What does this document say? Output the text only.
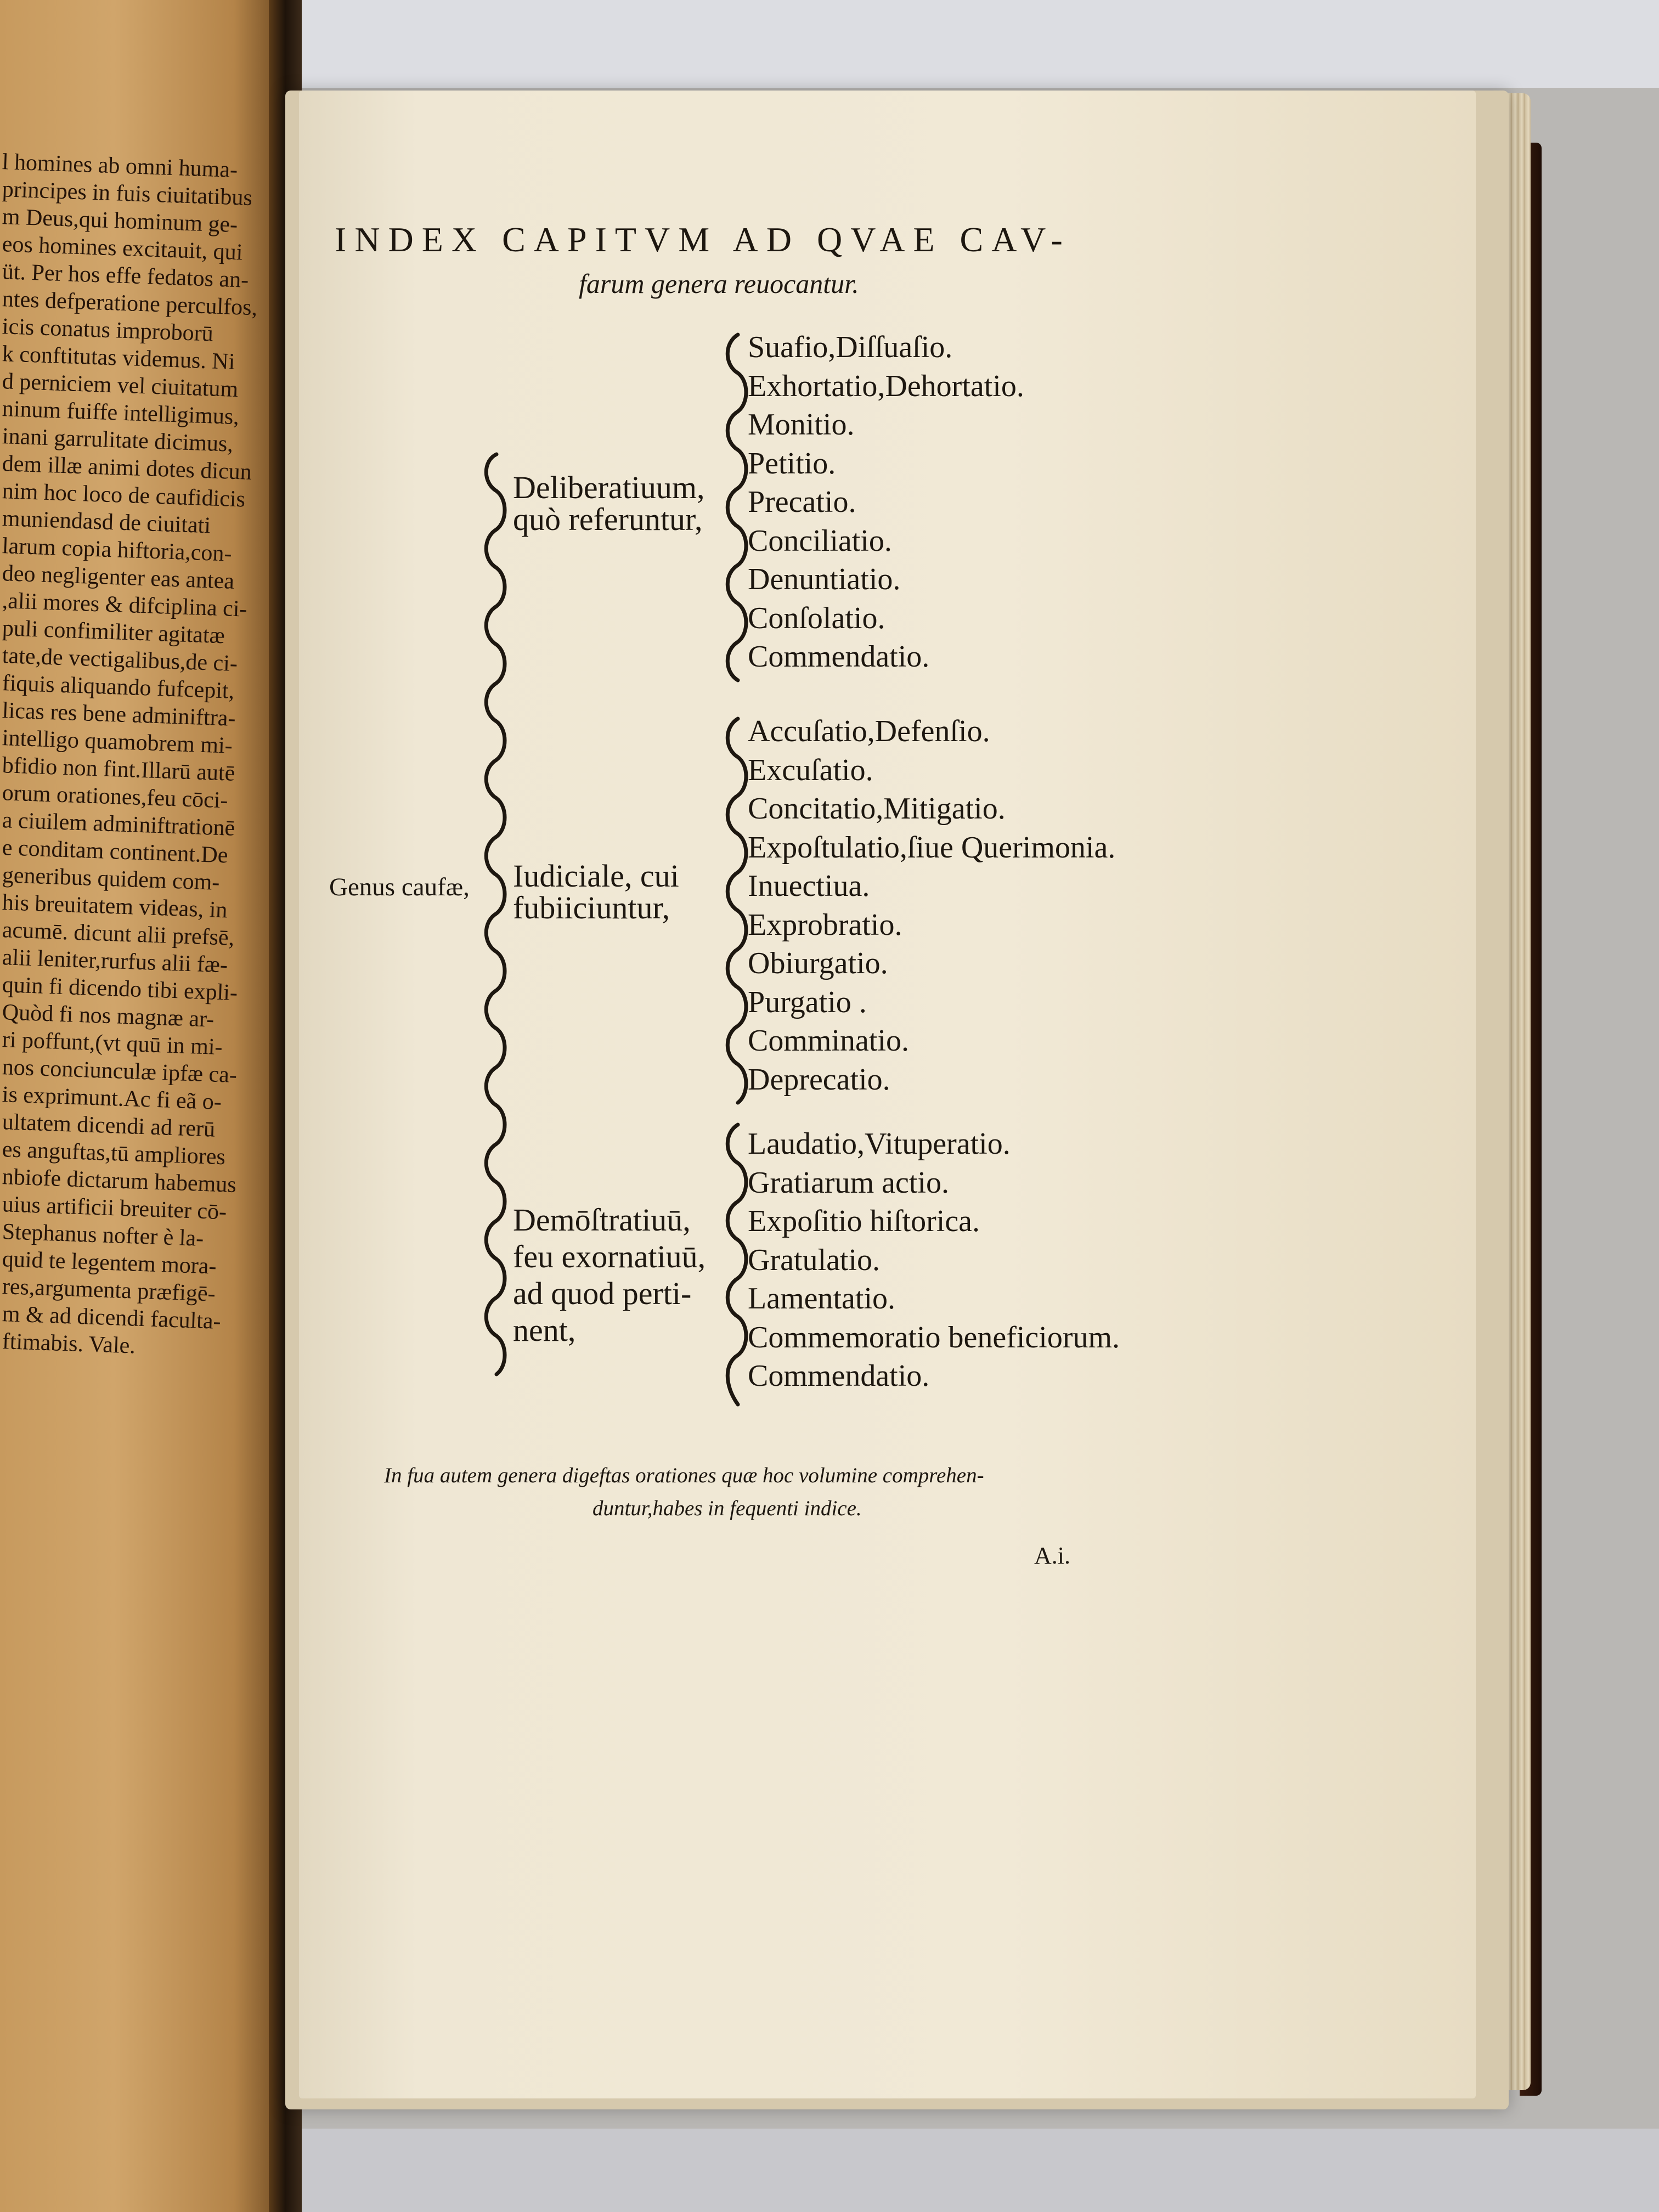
l homines ab omni huma-
principes in fuis ciuitatibus
m Deus,qui hominum ge-
eos homines excitauit, qui
üt. Per hos effe fedatos an-
ntes defperatione perculfos,
icis conatus improborū
k conftitutas videmus. Ni
d perniciem vel ciuitatum
ninum fuiffe intelligimus,
inani garrulitate dicimus,
dem illæ animi dotes dicun
nim hoc loco de caufidicis
muniendasd de ciuitati
larum copia hiftoria,con-
deo negligenter eas antea
,alii mores & difciplina ci-
puli confimiliter agitatæ
tate,de vectigalibus,de ci-
fiquis aliquando fufcepit,
licas res bene adminiftra-
intelligo quamobrem mi-
bfidio non fint.Illarū autē
orum orationes,feu cōci-
a ciuilem adminiftrationē
e conditam continent.De
generibus quidem com-
his breuitatem videas, in
acumē. dicunt alii prefsē,
alii leniter,rurfus alii fæ-
quin fi dicendo tibi expli-
Quòd fi nos magnæ ar-
ri poffunt,(vt quū in mi-
nos conciunculæ ipfæ ca-
is exprimunt.Ac fi eã o-
ultatem dicendi ad rerū
es anguftas,tū ampliores
nbiofe dictarum habemus
uius artificii breuiter cō-
Stephanus nofter è la-
quid te legentem mora-
res,argumenta præfigē-
m & ad dicendi faculta-
ftimabis. Vale.
INDEX CAPITVM AD QVAE CAV-
farum genera reuocantur.
Genus caufæ,
Deliberatiuum,
quò referuntur,
Iudiciale, cui
fubiiciuntur,
Demōſtratiuū,
feu exornatiuū,
ad quod perti-
nent,
Suafio,Diſſuaſio.
Exhortatio,Dehortatio.
Monitio.
Petitio.
Precatio.
Conciliatio.
Denuntiatio.
Conſolatio.
Commendatio.
Accuſatio,Defenſio.
Excuſatio.
Concitatio,Mitigatio.
Expoſtulatio,ſiue Querimonia.
Inuectiua.
Exprobratio.
Obiurgatio.
Purgatio .
Comminatio.
Deprecatio.
Laudatio,Vituperatio.
Gratiarum actio.
Expoſitio hiſtorica.
Gratulatio.
Lamentatio.
Commemoratio beneficiorum.
Commendatio.
In fua autem genera digeftas orationes quæ hoc volumine comprehen-
duntur,habes in fequenti indice.
A.i.
